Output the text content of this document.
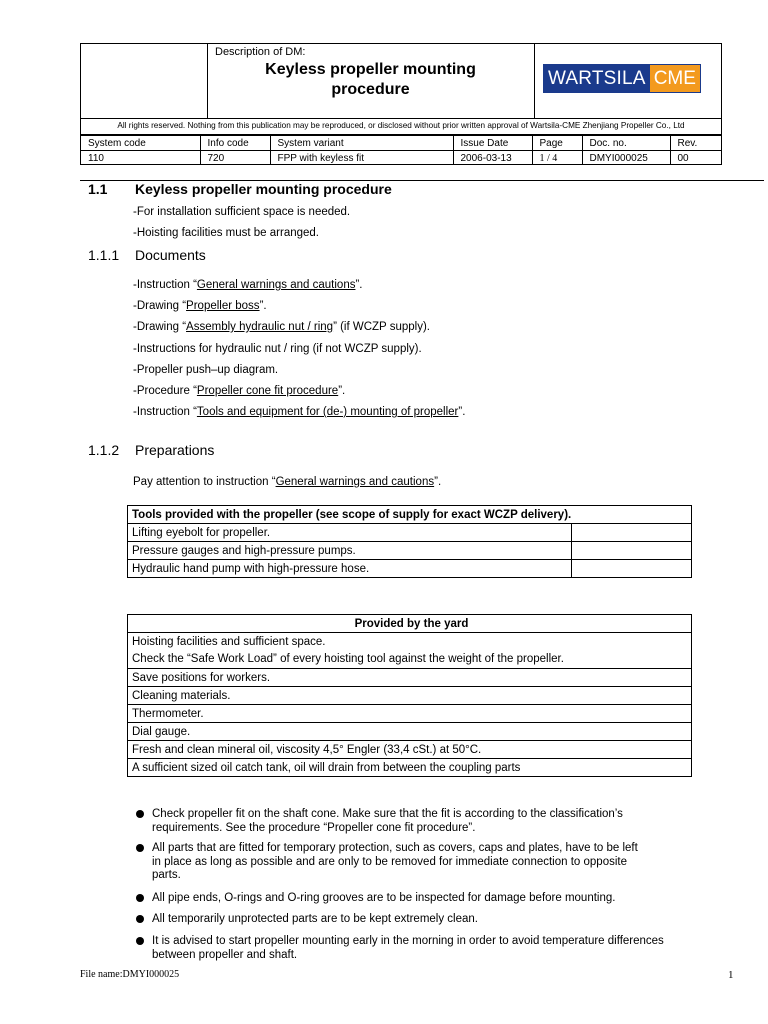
Description of DM:
Keyless propeller mounting
procedure
WARTSILA CME
All rights reserved. Nothing from this publication may be reproduced, or disclosed without prior written approval of Wartsila-CME Zhenjiang Propeller Co., Ltd
System code	Info code	System variant	Issue Date	Page	Doc. no.	Rev.
110	720	FPP with keyless fit	2006-03-13	1 / 4	DMYI000025	00
1.1 Keyless propeller mounting procedure
-For installation sufficient space is needed.
-Hoisting facilities must be arranged.
1.1.1 Documents
-Instruction “General warnings and cautions”.
-Drawing “Propeller boss”.
-Drawing “Assembly hydraulic nut / ring” (if WCZP supply).
-Instructions for hydraulic nut / ring (if not WCZP supply).
-Propeller push–up diagram.
-Procedure “Propeller cone fit procedure”.
-Instruction “Tools and equipment for (de-) mounting of propeller”.
1.1.2 Preparations
Pay attention to instruction “General warnings and cautions”.
Tools provided with the propeller (see scope of supply for exact WCZP delivery).	
Lifting eyebolt for propeller.	
Pressure gauges and high-pressure pumps.	
Hydraulic hand pump with high-pressure hose.	
Provided by the yard

Hoisting facilities and sufficient space.
Check the “Safe Work Load” of every hoisting tool against the weight of the propeller.

Save positions for workers.
Cleaning materials.
Thermometer.
Dial gauge.
Fresh and clean mineral oil, viscosity 4,5° Engler (33,4 cSt.) at 50°C.
A sufficient sized oil catch tank, oil will drain from between the coupling parts
Check propeller fit on the shaft cone. Make sure that the fit is according to the classification’s
requirements. See the procedure “Propeller cone fit procedure”.
All parts that are fitted for temporary protection, such as covers, caps and plates, have to be left
in place as long as possible and are only to be removed for immediate connection to opposite
parts.
All pipe ends, O-rings and O-ring grooves are to be inspected for damage before mounting.
All temporarily unprotected parts are to be kept extremely clean.
It is advised to start propeller mounting early in the morning in order to avoid temperature differences
between propeller and shaft.
File name:DMYI000025	1
